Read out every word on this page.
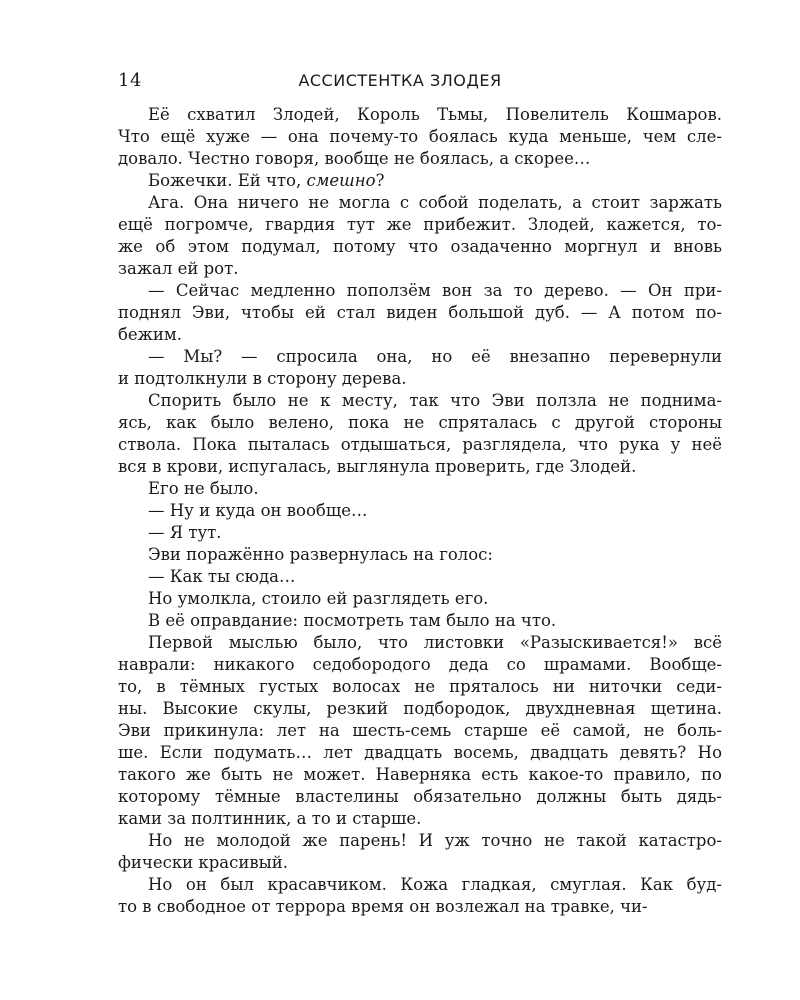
14	АССИСТЕНТКА ЗЛОДЕЯ

Её схватил Злодей, Король Тьмы, Повелитель Кошмаров.
Что ещё хуже — она почему-то боялась куда меньше, чем сле-
довало. Честно говоря, вообще не боялась, а скорее…

Божечки. Ей что, смешно?

Ага. Она ничего не могла с собой поделать, а стоит заржать
ещё погромче, гвардия тут же прибежит. Злодей, кажется, то-
же об этом подумал, потому что озадаченно моргнул и вновь
зажал ей рот.

— Сейчас медленно поползём вон за то дерево. — Он при-
поднял Эви, чтобы ей стал виден большой дуб. — А потом по-
бежим.

— Мы? — спросила она, но её внезапно перевернули
и подтолкнули в сторону дерева.

Спорить было не к месту, так что Эви ползла не поднима-
ясь, как было велено, пока не спряталась с другой стороны
ствола. Пока пыталась отдышаться, разглядела, что рука у неё
вся в крови, испугалась, выглянула проверить, где Злодей.

Его не было.

— Ну и куда он вообще…

— Я тут.

Эви поражённо развернулась на голос:

— Как ты сюда…

Но умолкла, стоило ей разглядеть его.

В её оправдание: посмотреть там было на что.

Первой мыслью было, что листовки «Разыскивается!» всё
наврали: никакого седобородого деда со шрамами. Вообще-
то, в тёмных густых волосах не пряталось ни ниточки седи-
ны. Высокие скулы, резкий подбородок, двухдневная щетина.
Эви прикинула: лет на шесть-семь старше её самой, не боль-
ше. Если подумать… лет двадцать восемь, двадцать девять? Но
такого же быть не может. Наверняка есть какое-то правило, по
которому тёмные властелины обязательно должны быть дядь-
ками за полтинник, а то и старше.

Но не молодой же парень! И уж точно не такой катастро-
фически красивый.

Но он был красавчиком. Кожа гладкая, смуглая. Как буд-
то в свободное от террора время он возлежал на травке, чи-
